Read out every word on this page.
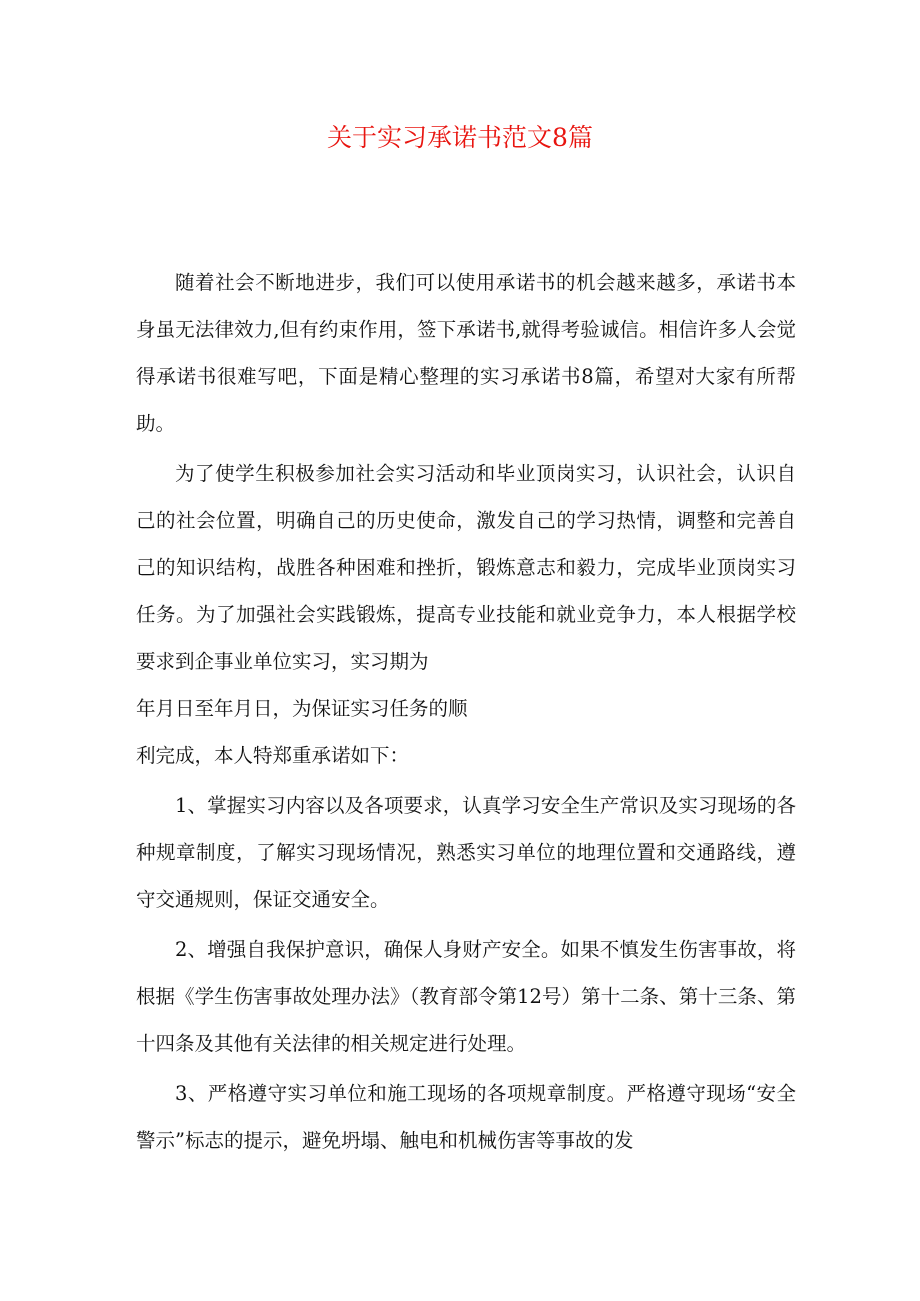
关于实习承诺书范文8篇

随着社会不断地进步，我们可以使用承诺书的机会越来越多，承诺书本身虽无法律效力,但有约束作用，签下承诺书,就得考验诚信。相信许多人会觉得承诺书很难写吧，下面是精心整理的实习承诺书8篇，希望对大家有所帮助。

为了使学生积极参加社会实习活动和毕业顶岗实习，认识社会，认识自己的社会位置，明确自己的历史使命，激发自己的学习热情，调整和完善自己的知识结构，战胜各种困难和挫折，锻炼意志和毅力，完成毕业顶岗实习任务。为了加强社会实践锻炼，提高专业技能和就业竞争力，本人根据学校要求到企事业单位实习，实习期为

年月日至年月日，为保证实习任务的顺

利完成，本人特郑重承诺如下：

1、掌握实习内容以及各项要求，认真学习安全生产常识及实习现场的各种规章制度，了解实习现场情况，熟悉实习单位的地理位置和交通路线，遵守交通规则，保证交通安全。

2、增强自我保护意识，确保人身财产安全。如果不慎发生伤害事故，将根据《学生伤害事故处理办法》（教育部令第12号）第十二条、第十三条、第十四条及其他有关法律的相关规定进行处理。

3、严格遵守实习单位和施工现场的各项规章制度。严格遵守现场“安全警示”标志的提示，避免坍塌、触电和机械伤害等事故的发
